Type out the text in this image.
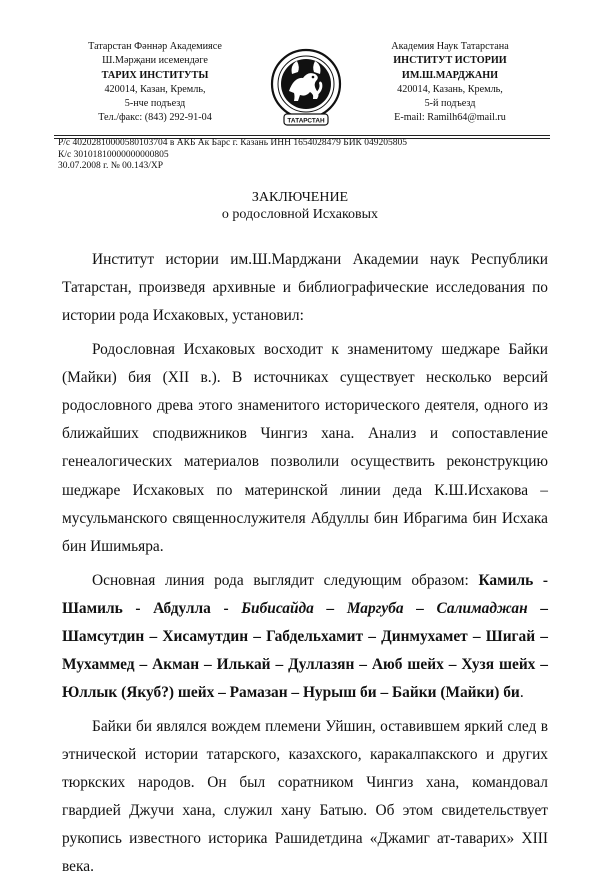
Татарстан Фәннәр Академиясе
Ш.Мәрҗани исемендәге
ТАРИХ ИНСТИТУТЫ
420014, Казан, Кремль,
5-нче подъезд
Тел./факс: (843) 292-91-04	ТАТАРСТАН
Академия Наук Татарстана
ИНСТИТУТ ИСТОРИИ
ИМ.Ш.МАРДЖАНИ
420014, Казань, Кремль,
5-й подъезд
E-mail: Ramilh64@mail.ru
Р/с 40202810000580103704 в АКБ Ак Барс г. Казань ИНН 1654028479 БИК 049205805
К/с 30101810000000000805
30.07.2008 г. № 00.143/ХР
ЗАКЛЮЧЕНИЕ
о родословной Исхаковых

Институт истории им.Ш.Марджани Академии наук Республики Татарстан, произведя архивные и библиографические исследования по истории рода Исхаковых, установил:

Родословная Исхаковых восходит к знаменитому шеджаре Байки (Майки) бия (XII в.). В источниках существует несколько версий родословного древа этого знаменитого исторического деятеля, одного из ближайших сподвижников Чингиз хана. Анализ и сопоставление генеалогических материалов позволили осуществить реконструкцию шеджаре Исхаковых по материнской линии деда К.Ш.Исхакова – мусульманского священнослужителя Абдуллы бин Ибрагима бин Исхака бин Ишимьяра.

Основная линия рода выглядит следующим образом: Камиль - Шамиль - Абдулла - Бибисайда – Маргуба – Салимаджан – Шамсутдин – Хисамутдин – Габдельхамит – Динмухамет – Шигай – Мухаммед – Акман – Илькай – Дуллазян – Аюб шейх – Хузя шейх – Юллык (Якуб?) шейх – Рамазан – Нурыш би – Байки (Майки) би.

Байки би являлся вождем племени Уйшин, оставившем яркий след в этнической истории татарского, казахского, каракалпакского и других тюркских народов. Он был соратником Чингиз хана, командовал гвардией Джучи хана, служил хану Батыю. Об этом свидетельствует рукопись известного историка Рашидетдина «Джамиг ат-таварих» XIII века.
